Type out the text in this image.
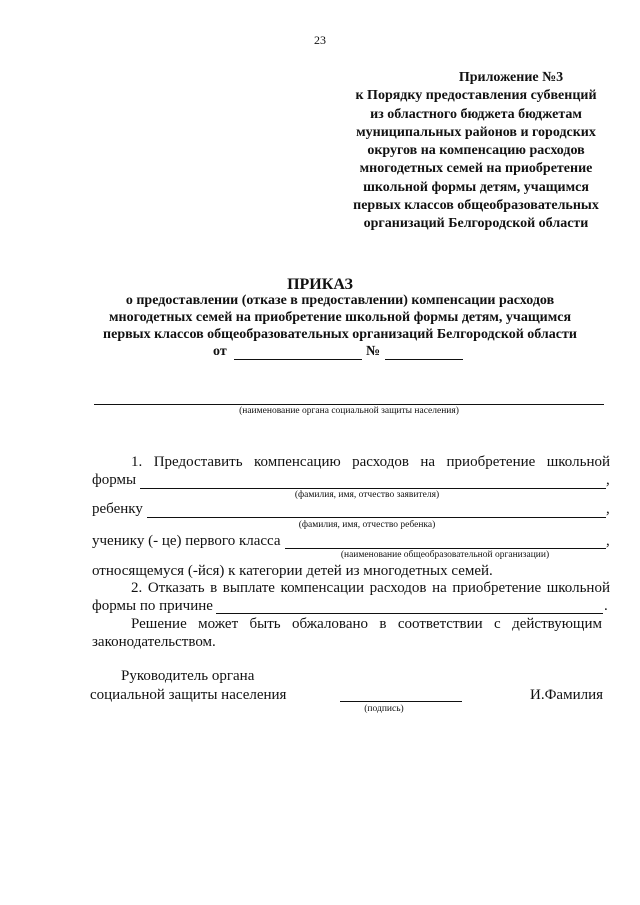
23
Приложение №3
к Порядку предоставления субвенций
из областного бюджета бюджетам
муниципальных районов и городских
округов на компенсацию расходов
многодетных семей на приобретение
школьной формы детям, учащимся
первых классов общеобразовательных
организаций Белгородской области
ПРИКАЗ
о предоставлении (отказе в предоставлении) компенсации расходов
многодетных семей на приобретение школьной формы детям, учащимся
первых классов общеобразовательных организаций Белгородской области
от	№
(наименование органа социальной защиты населения)
1. Предоставить компенсацию расходов на приобретение школьной
формы	,
(фамилия, имя, отчество заявителя)
ребенку	,
(фамилия, имя, отчество ребенка)
ученику (- це) первого класса	,
(наименование общеобразовательной организации)
относящемуся (-йся) к категории детей из многодетных семей.
2. Отказать в выплате компенсации расходов на приобретение школьной
формы по причине	.
Решение может быть обжаловано в соответствии с действующим
законодательством.
Руководитель органа
социальной защиты населения
(подпись)
И.Фамилия
